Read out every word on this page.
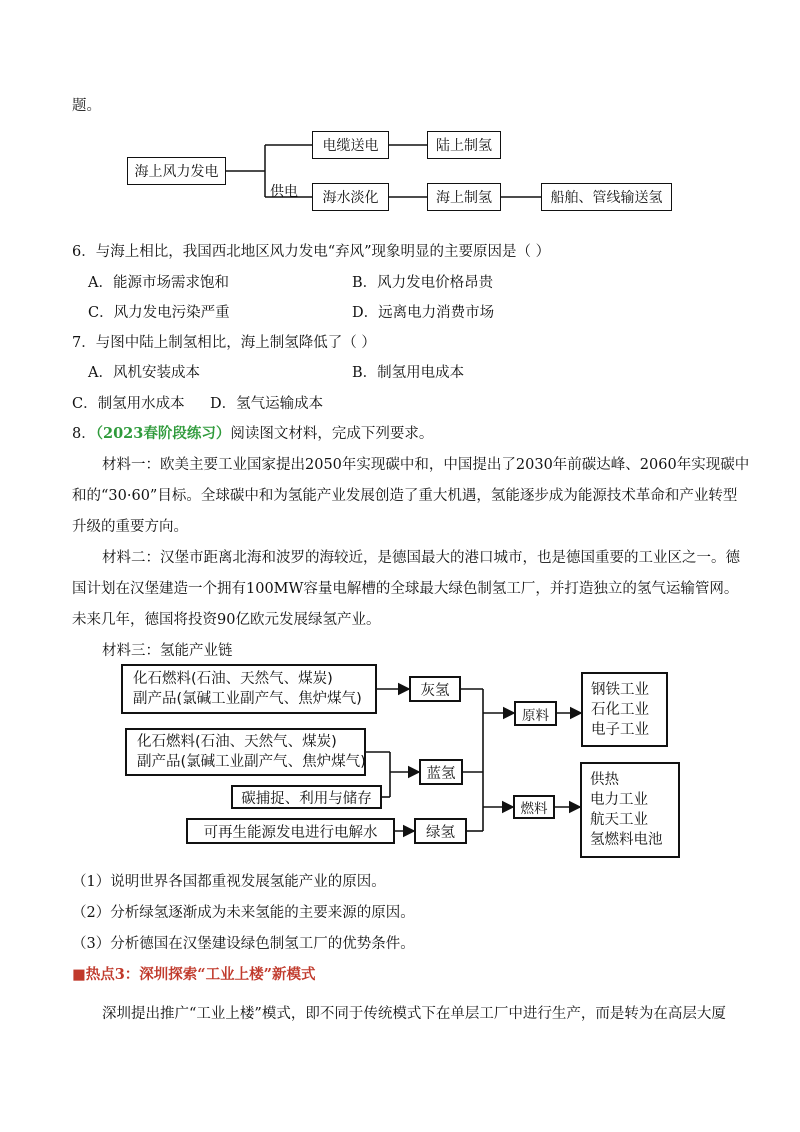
题。
海上风力发电
供电
电缆送电	陆上制氢
海水淡化	海上制氢	船舶、管线输送氢
6．与海上相比，我国西北地区风力发电“弃风”现象明显的主要原因是（ ）
A．能源市场需求饱和	B．风力发电价格昂贵
C．风力发电污染严重	D．远离电力消费市场
7．与图中陆上制氢相比，海上制氢降低了（ ）
A．风机安装成本	B．制氢用电成本
C．制氢用水成本 D．氢气运输成本
8．（2023春阶段练习）阅读图文材料，完成下列要求。
材料一：欧美主要工业国家提出2050年实现碳中和，中国提出了2030年前碳达峰、2060年实现碳中
和的“30·60”目标。全球碳中和为氢能产业发展创造了重大机遇，氢能逐步成为能源技术革命和产业转型
升级的重要方向。
材料二：汉堡市距离北海和波罗的海较近，是德国最大的港口城市，也是德国重要的工业区之一。德
国计划在汉堡建造一个拥有100MW容量电解槽的全球最大绿色制氢工厂，并打造独立的氢气运输管网。
未来几年，德国将投资90亿欧元发展绿氢产业。
材料三：氢能产业链
化石燃料(石油、天然气、煤炭)
副产品(氯碱工业副产气、焦炉煤气)
化石燃料(石油、天然气、煤炭)
副产品(氯碱工业副产气、焦炉煤气)
碳捕捉、利用与储存
可再生能源发电进行电解水
灰氢
蓝氢
绿氢
原料
燃料
钢铁工业
石化工业
电子工业
供热
电力工业
航天工业
氢燃料电池
（1）说明世界各国都重视发展氢能产业的原因。
（2）分析绿氢逐渐成为未来氢能的主要来源的原因。
（3）分析德国在汉堡建设绿色制氢工厂的优势条件。
■热点3：深圳探索“工业上楼”新模式
深圳提出推广“工业上楼”模式，即不同于传统模式下在单层工厂中进行生产，而是转为在高层大厦
